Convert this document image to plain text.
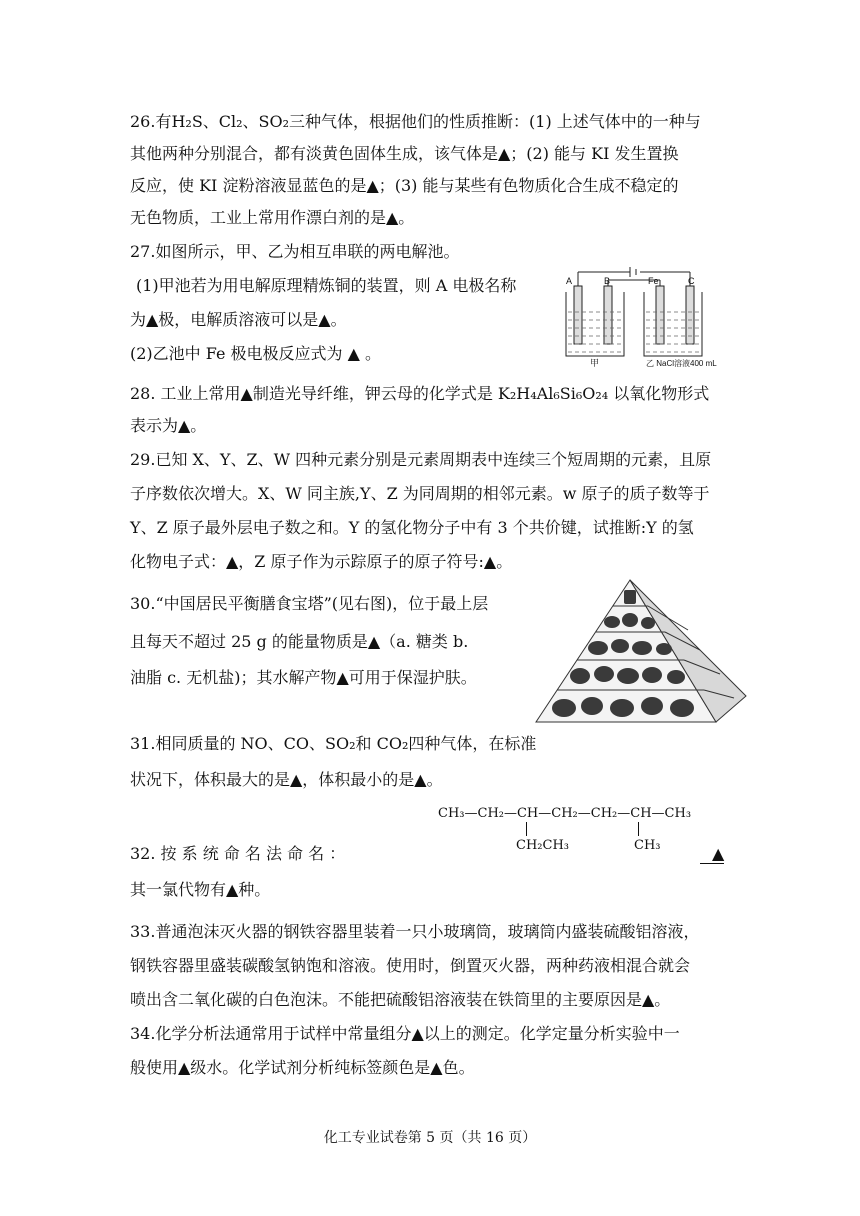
26.有H₂S、Cl₂、SO₂三种气体，根据他们的性质推断：(1) 上述气体中的一种与

其他两种分别混合，都有淡黄色固体生成，该气体是▲；(2) 能与 KI 发生置换

反应，使 KI 淀粉溶液显蓝色的是▲；(3) 能与某些有色物质化合生成不稳定的

无色物质，工业上常用作漂白剂的是▲。

27.如图所示，甲、乙为相互串联的两电解池。

(1)甲池若为用电解原理精炼铜的装置，则 A 电极名称

为▲极，电解质溶液可以是▲。

(2)乙池中 Fe 极电极反应式为 ▲ 。

A	B	Fe	C
甲	乙 NaCl溶液400 mL

28. 工业上常用▲制造光导纤维，钾云母的化学式是 K₂H₄Al₆Si₆O₂₄ 以氧化物形式

表示为▲。

29.已知 X、Y、Z、W 四种元素分别是元素周期表中连续三个短周期的元素，且原

子序数依次增大。X、W 同主族,Y、Z 为同周期的相邻元素。w 原子的质子数等于

Y、Z 原子最外层电子数之和。Y 的氢化物分子中有 3 个共价键，试推断:Y 的氢

化物电子式：▲，Z 原子作为示踪原子的原子符号:▲。

30.“中国居民平衡膳食宝塔”(见右图)，位于最上层

且每天不超过 25 g 的能量物质是▲（a. 糖类 b.

油脂 c. 无机盐)；其水解产物▲可用于保湿护肤。

31.相同质量的 NO、CO、SO₂和 CO₂四种气体，在标准

状况下，体积最大的是▲，体积最小的是▲。

CH₃—CH₂—CH—CH₂—CH₂—CH—CH₃
CH₂CH₃	CH₃

32. 按 系 统 命 名 法 命 名 ：	▲

其一氯代物有▲种。

33.普通泡沫灭火器的钢铁容器里装着一只小玻璃筒，玻璃筒内盛装硫酸铝溶液，

钢铁容器里盛装碳酸氢钠饱和溶液。使用时，倒置灭火器，两种药液相混合就会

喷出含二氧化碳的白色泡沫。不能把硫酸铝溶液装在铁筒里的主要原因是▲。

34.化学分析法通常用于试样中常量组分▲以上的测定。化学定量分析实验中一

般使用▲级水。化学试剂分析纯标签颜色是▲色。

化工专业试卷第 5 页（共 16 页）
